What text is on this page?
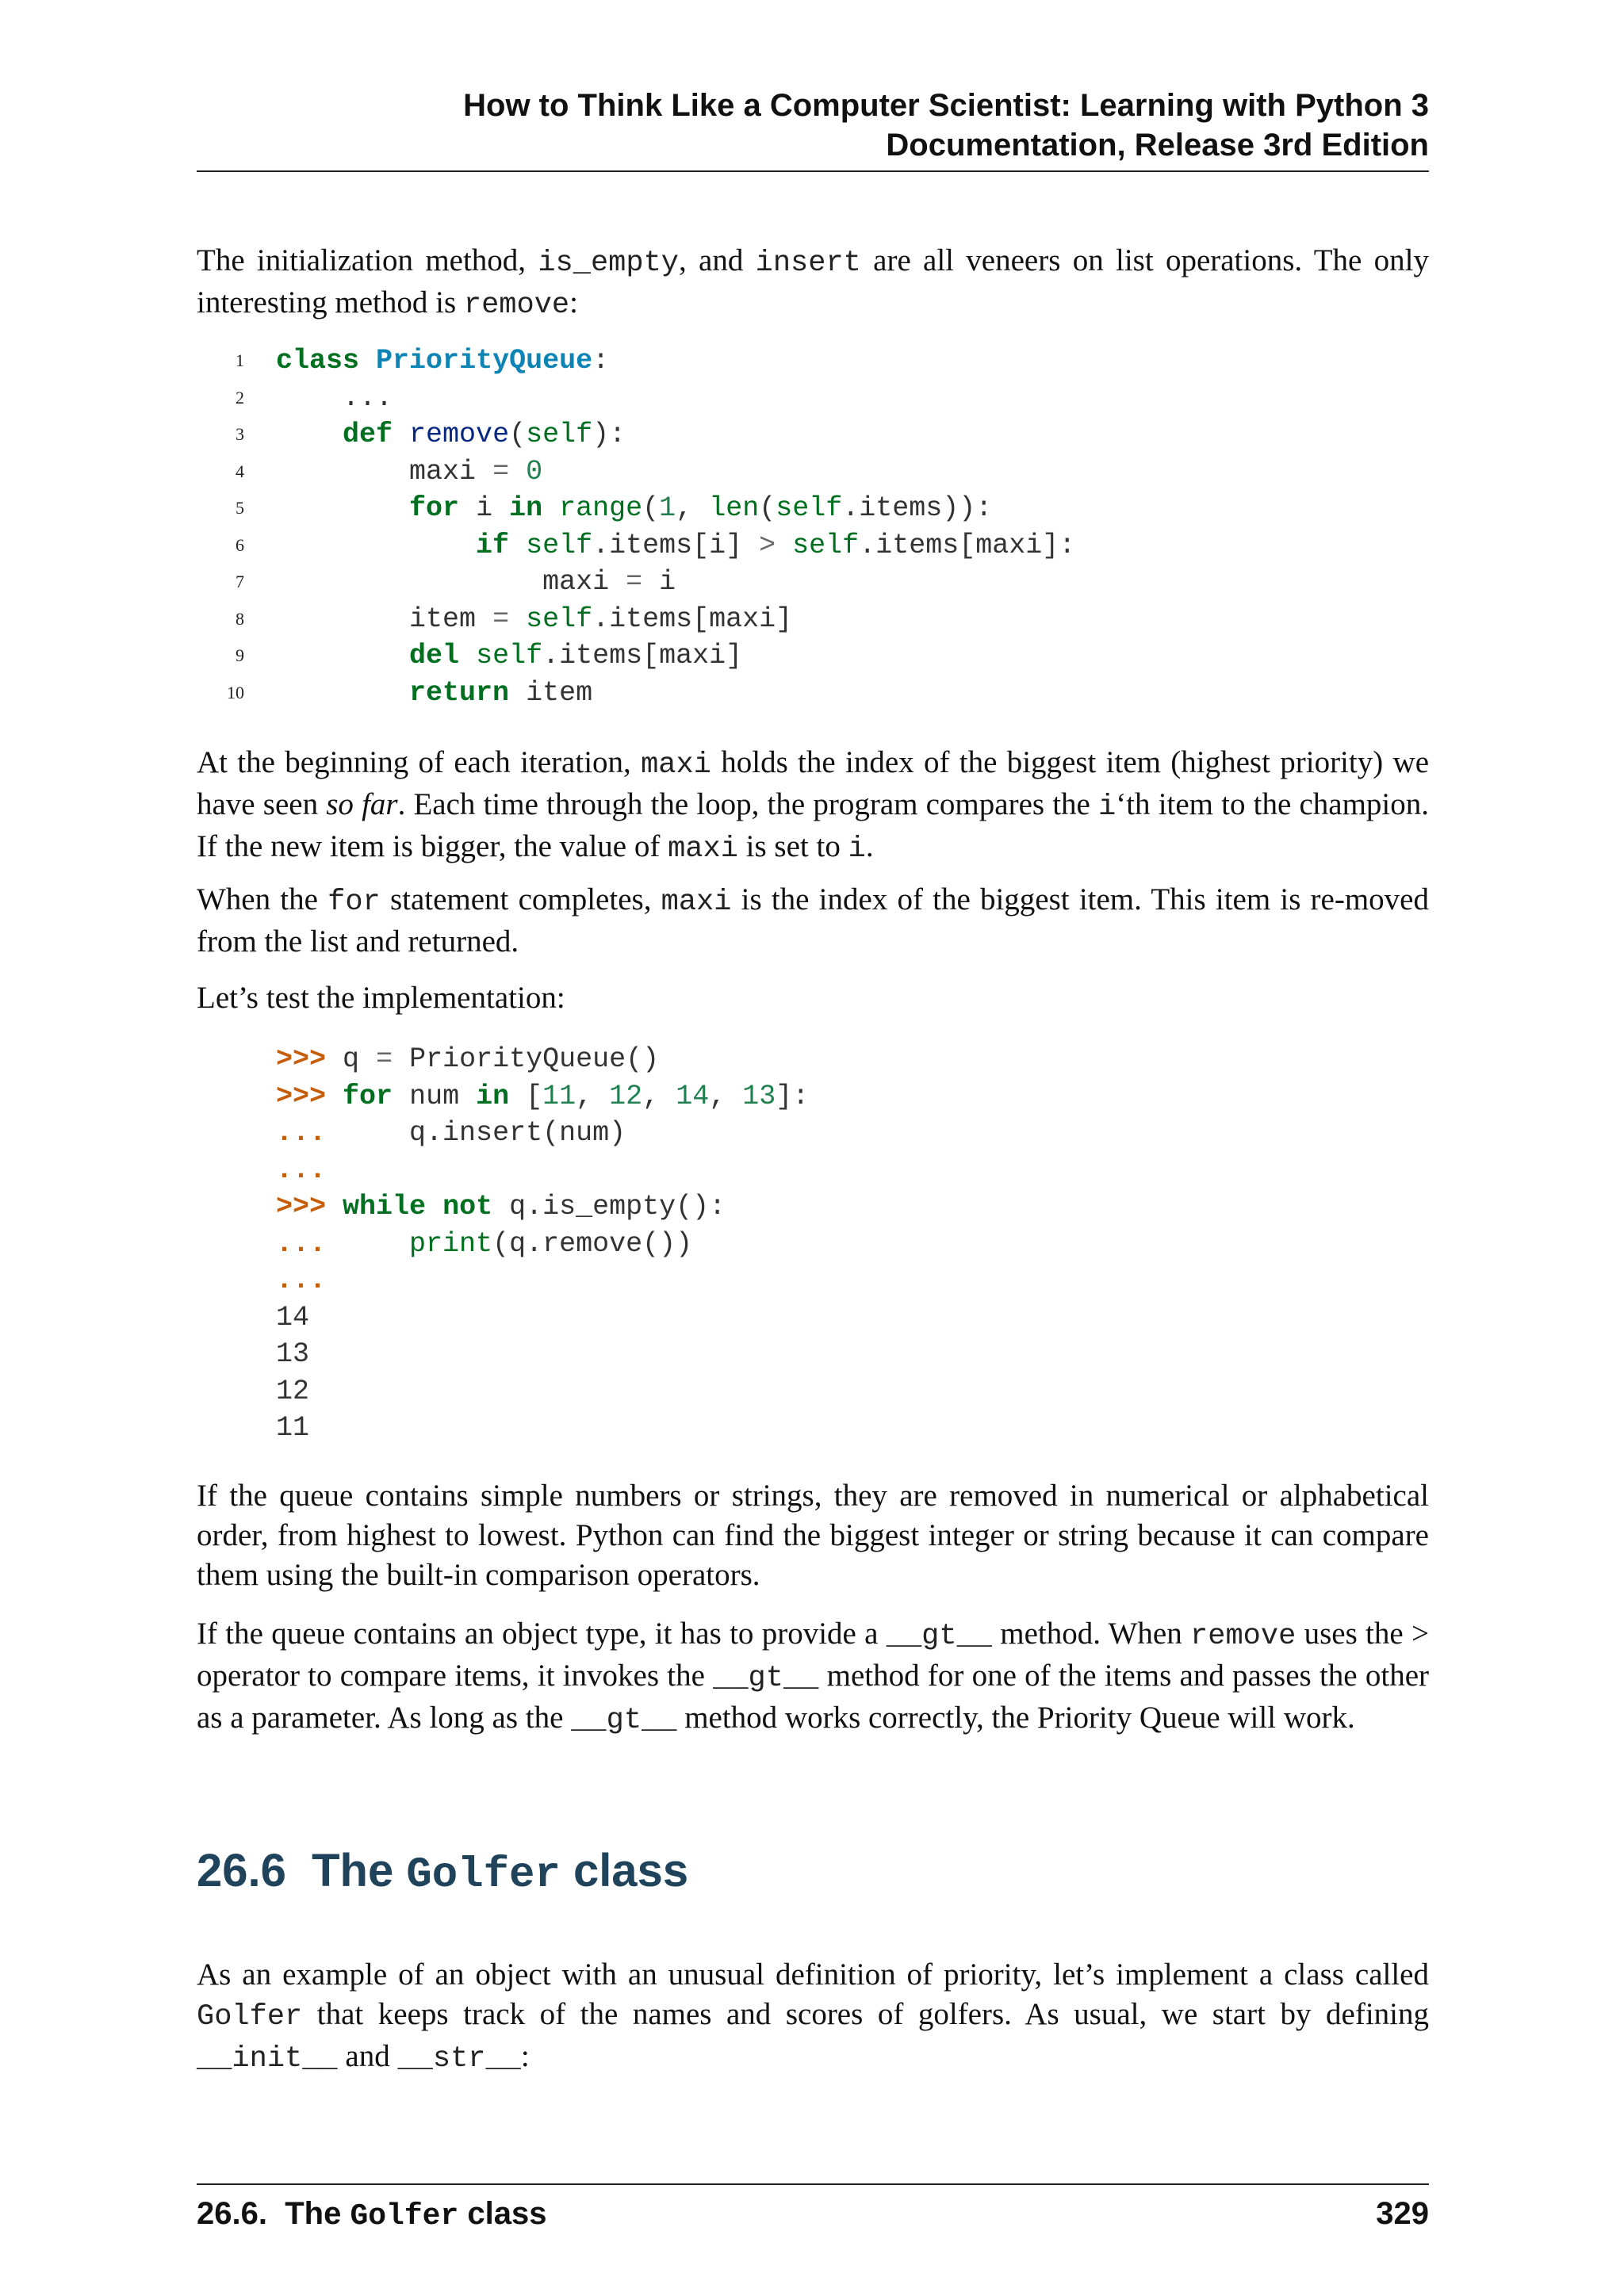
How to Think Like a Computer Scientist: Learning with Python 3
Documentation, Release 3rd Edition

The initialization method, is_empty, and insert are all veneers on list operations. The only interesting method is remove:

1 class PriorityQueue:
2	...
3	def remove(self):
4	maxi = 0
5	for i in range(1, len(self.items)):
6	if self.items[i] > self.items[maxi]:
7	maxi = i
8	item = self.items[maxi]
9	del self.items[maxi]
10	return item

At the beginning of each iteration, maxi holds the index of the biggest item (highest priority) we have seen so far. Each time through the loop, the program compares the i‘th item to the champion. If the new item is bigger, the value of maxi is set to i.

When the for statement completes, maxi is the index of the biggest item. This item is re-moved from the list and returned.

Let’s test the implementation:

>>> q = PriorityQueue()
>>> for num in [11, 12, 14, 13]:
...	q.insert(num)
...
>>> while not q.is_empty():
...	print(q.remove())
...
14
13
12
11

If the queue contains simple numbers or strings, they are removed in numerical or alphabetical order, from highest to lowest. Python can find the biggest integer or string because it can compare them using the built-in comparison operators.

If the queue contains an object type, it has to provide a __gt__ method. When remove uses the > operator to compare items, it invokes the __gt__ method for one of the items and passes the other as a parameter. As long as the __gt__ method works correctly, the Priority Queue will work.

26.6 The Golfer class

As an example of an object with an unusual definition of priority, let’s implement a class called Golfer that keeps track of the names and scores of golfers. As usual, we start by defining __init__ and __str__:

26.6. The Golfer class	329
